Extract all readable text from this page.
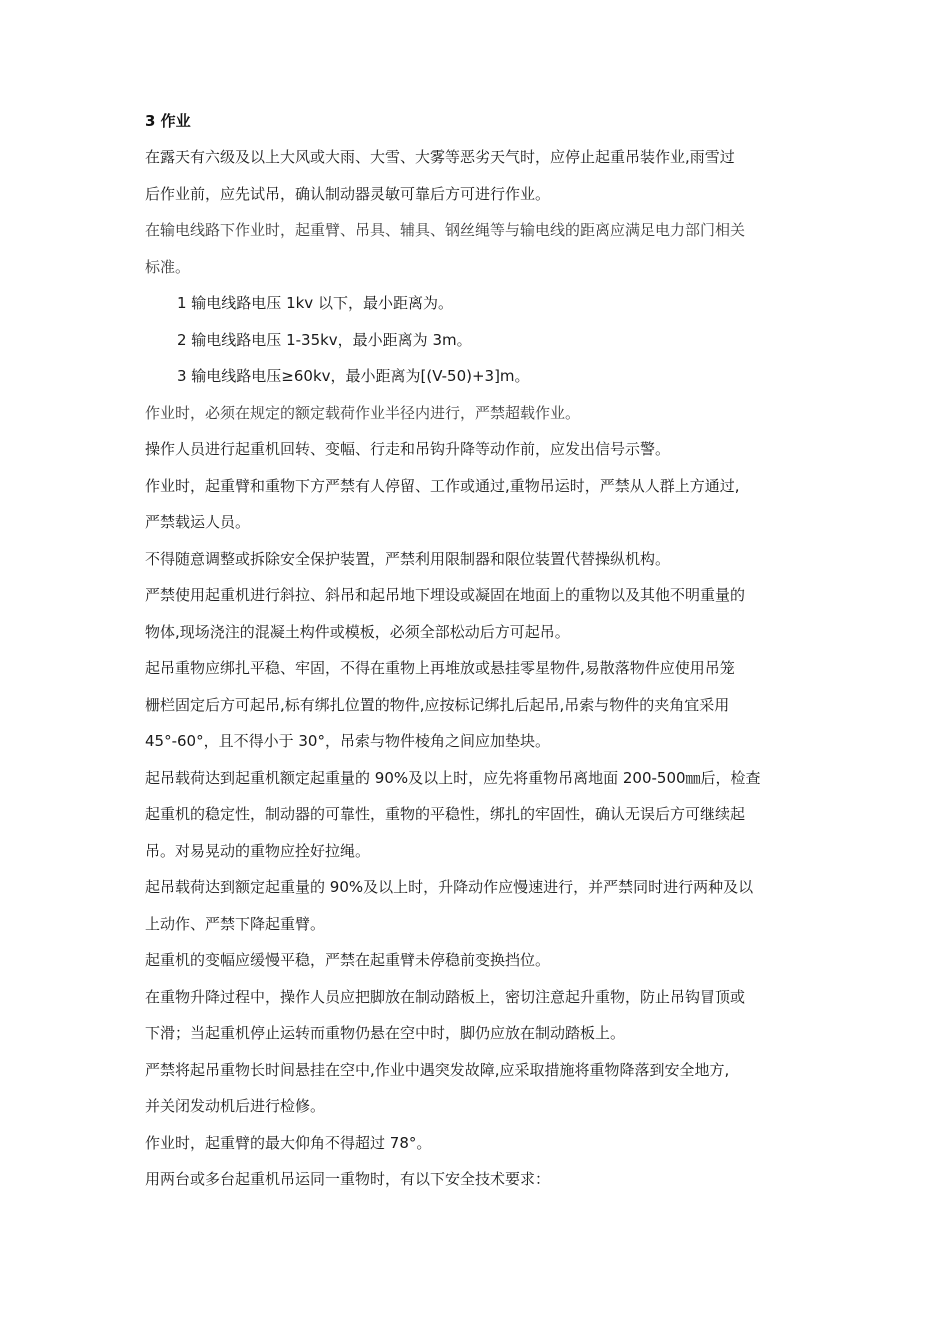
3 作业

在露天有六级及以上大风或大雨、大雪、大雾等恶劣天气时，应停止起重吊装作业,雨雪过
后作业前，应先试吊，确认制动器灵敏可靠后方可进行作业。

在输电线路下作业时，起重臂、吊具、辅具、钢丝绳等与输电线的距离应满足电力部门相关
标准。

1 输电线路电压 1kv 以下，最小距离为。

2 输电线路电压 1-35kv，最小距离为 3m。

3 输电线路电压≥60kv，最小距离为[(V-50)+3]m。

作业时，必须在规定的额定载荷作业半径内进行，严禁超载作业。

操作人员进行起重机回转、变幅、行走和吊钩升降等动作前，应发出信号示警。

作业时，起重臂和重物下方严禁有人停留、工作或通过,重物吊运时，严禁从人群上方通过,
严禁载运人员。

不得随意调整或拆除安全保护装置，严禁利用限制器和限位装置代替操纵机构。

严禁使用起重机进行斜拉、斜吊和起吊地下埋设或凝固在地面上的重物以及其他不明重量的
物体,现场浇注的混凝土构件或模板，必须全部松动后方可起吊。

起吊重物应绑扎平稳、牢固，不得在重物上再堆放或悬挂零星物件,易散落物件应使用吊笼
栅栏固定后方可起吊,标有绑扎位置的物件,应按标记绑扎后起吊,吊索与物件的夹角宜采用
45°-60°，且不得小于 30°，吊索与物件棱角之间应加垫块。

起吊载荷达到起重机额定起重量的 90%及以上时，应先将重物吊离地面 200-500㎜后，检查
起重机的稳定性，制动器的可靠性，重物的平稳性，绑扎的牢固性，确认无误后方可继续起
吊。对易晃动的重物应拴好拉绳。

起吊载荷达到额定起重量的 90%及以上时，升降动作应慢速进行，并严禁同时进行两种及以
上动作、严禁下降起重臂。

起重机的变幅应缓慢平稳，严禁在起重臂未停稳前变换挡位。

在重物升降过程中，操作人员应把脚放在制动踏板上，密切注意起升重物，防止吊钩冒顶或
下滑；当起重机停止运转而重物仍悬在空中时，脚仍应放在制动踏板上。

严禁将起吊重物长时间悬挂在空中,作业中遇突发故障,应采取措施将重物降落到安全地方,
并关闭发动机后进行检修。

作业时，起重臂的最大仰角不得超过 78°。

用两台或多台起重机吊运同一重物时，有以下安全技术要求：
